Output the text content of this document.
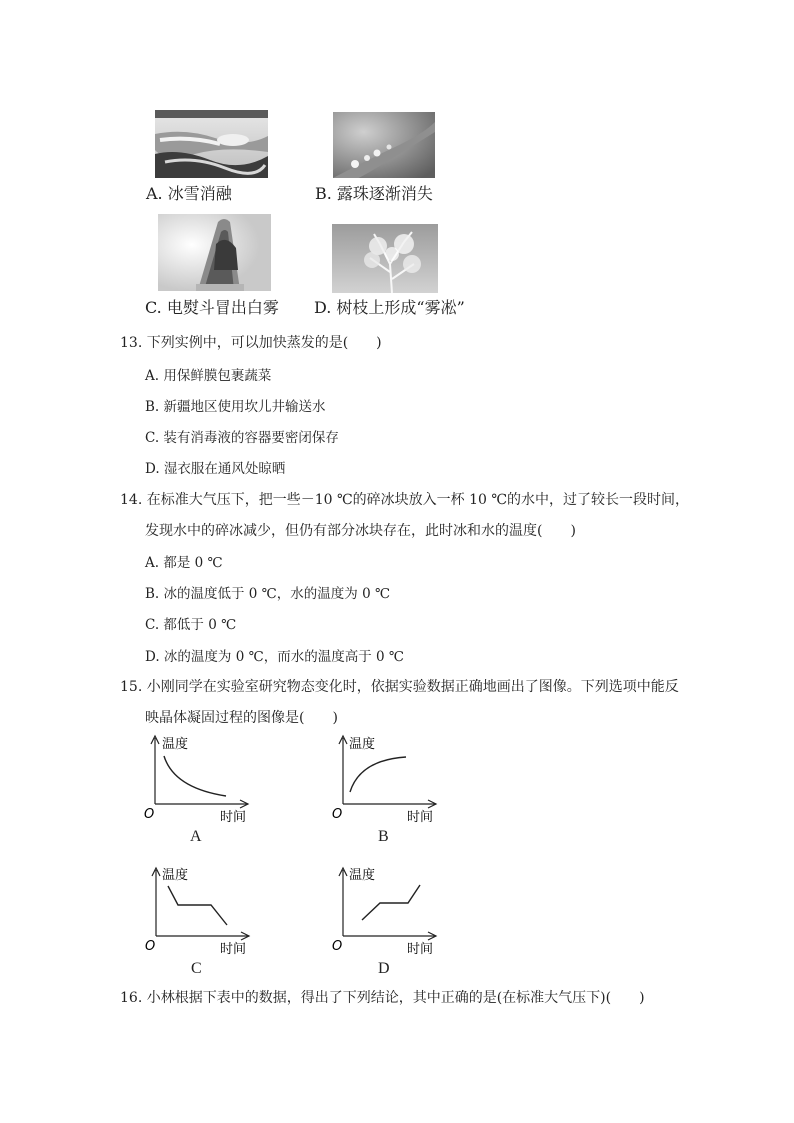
A. 冰雪消融	B. 露珠逐渐消失
C. 电熨斗冒出白雾 D. 树枝上形成“雾凇”
13. 下列实例中，可以加快蒸发的是(　　)
A. 用保鲜膜包裹蔬菜
B. 新疆地区使用坎儿井输送水
C. 装有消毒液的容器要密闭保存
D. 湿衣服在通风处晾晒
14. 在标准大气压下，把一些－10 ℃的碎冰块放入一杯 10 ℃的水中，过了较长一段时间，
发现水中的碎冰减少，但仍有部分冰块存在，此时冰和水的温度(　　)
A. 都是 0 ℃
B. 冰的温度低于 0 ℃，水的温度为 0 ℃
C. 都低于 0 ℃
D. 冰的温度为 0 ℃，而水的温度高于 0 ℃
15. 小刚同学在实验室研究物态变化时，依据实验数据正确地画出了图像。下列选项中能反
映晶体凝固过程的图像是(　　)
温度
时间
O
A
温度
时间
O
B
温度
时间
O
C
温度
时间
O
D
16. 小林根据下表中的数据，得出了下列结论，其中正确的是(在标准大气压下)(　　)
